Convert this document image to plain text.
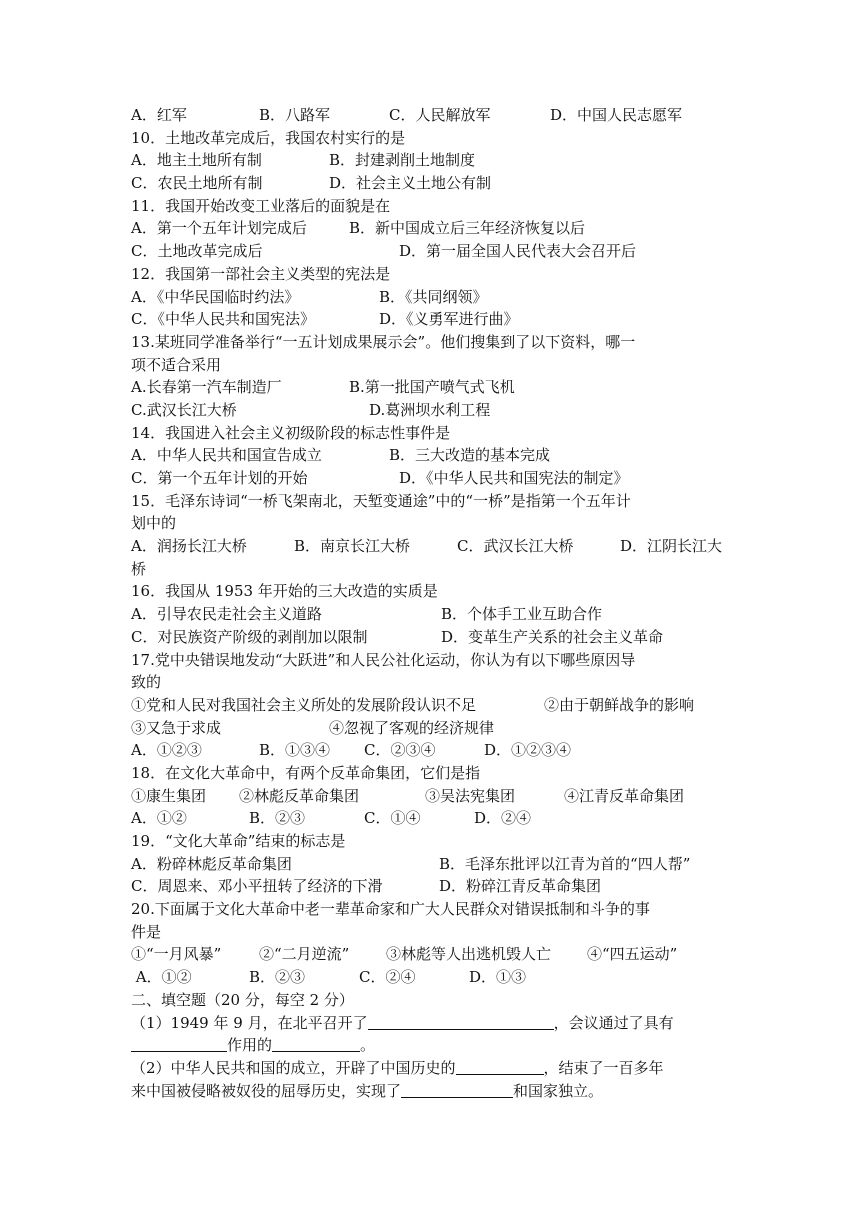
A．红军	B．八路军	C．人民解放军	D．中国人民志愿军
10．土地改革完成后，我国农村实行的是
A．地主土地所有制	B．封建剥削土地制度
C．农民土地所有制	D．社会主义土地公有制
11．我国开始改变工业落后的面貌是在
A．第一个五年计划完成后	B．新中国成立后三年经济恢复以后
C．土地改革完成后	D．第一届全国人民代表大会召开后
12．我国第一部社会主义类型的宪法是
A．《中华民国临时约法》	B．《共同纲领》
C．《中华人民共和国宪法》	D．《义勇军进行曲》
13.某班同学准备举行“一五计划成果展示会”。他们搜集到了以下资料，哪一
项不适合采用
A.长春第一汽车制造厂	B.第一批国产喷气式飞机
C.武汉长江大桥	D.葛洲坝水利工程
14．我国进入社会主义初级阶段的标志性事件是
A．中华人民共和国宣告成立	B．三大改造的基本完成
C．第一个五年计划的开始	D．《中华人民共和国宪法的制定》
15．毛泽东诗词“一桥飞架南北，天堑变通途”中的“一桥”是指第一个五年计
划中的
A．润扬长江大桥	B．南京长江大桥	C．武汉长江大桥	D．江阴长江大
桥
16．我国从 1953 年开始的三大改造的实质是
A．引导农民走社会主义道路	B．个体手工业互助合作
C．对民族资产阶级的剥削加以限制	D．变革生产关系的社会主义革命
17.党中央错误地发动“大跃进”和人民公社化运动，你认为有以下哪些原因导
致的
①党和人民对我国社会主义所处的发展阶段认识不足	②由于朝鲜战争的影响
③又急于求成	④忽视了客观的经济规律
A．①②③	B．①③④ C．②③④	D．①②③④
18．在文化大革命中，有两个反革命集团，它们是指
①康生集团 ②林彪反革命集团	③吴法宪集团	④江青反革命集团
A．①②	B．②③	C．①④	D．②④
19．“文化大革命”结束的标志是
A．粉碎林彪反革命集团	B．毛泽东批评以江青为首的“四人帮”
C．周恩来、邓小平扭转了经济的下滑	D．粉碎江青反革命集团
20.下面属于文化大革命中老一辈革命家和广大人民群众对错误抵制和斗争的事
件是
①“一月风暴”	②“二月逆流” ③林彪等人出逃机毁人亡 ④“四五运动”
A．①②	B．②③	C．②④	D．①③
二、填空题（20 分，每空 2 分）
（1）1949 年 9 月，在北平召开了	，会议通过了具有
作用的	。
（2）中华人民共和国的成立，开辟了中国历史的	，结束了一百多年
来中国被侵略被奴役的屈辱历史，实现了	和国家独立。
